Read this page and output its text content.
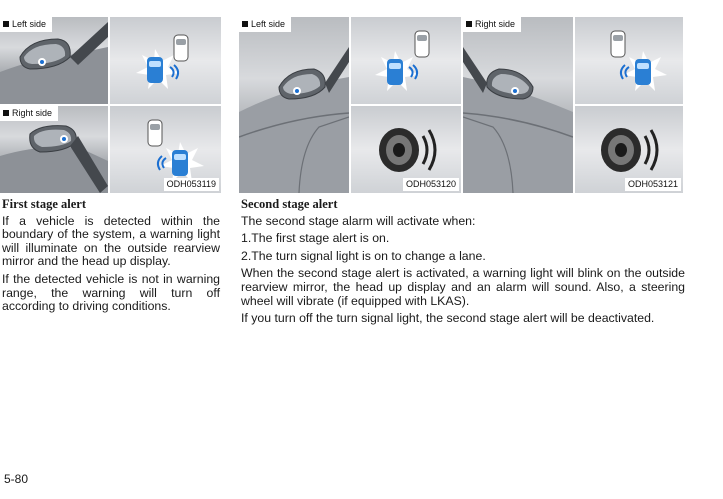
Left side
Right side
ODH053119
Left side
ODH053120
Right side
ODH053121
First stage alert

If a vehicle is detected within the boundary of the system, a warning light will illuminate on the outside rearview mirror and the head up display.

If the detected vehicle is not in warning range, the warning will turn off according to driving conditions.

Second stage alert

The second stage alarm will activate when:

1.The first stage alert is on.

2.The turn signal light is on to change a lane.

When the second stage alert is activated, a warning light will blink on the outside rearview mirror, the head up display and an alarm will sound. Also, a steering wheel will vibrate (if equipped with LKAS).

If you turn off the turn signal light, the second stage alert will be deactivated.

5-80
